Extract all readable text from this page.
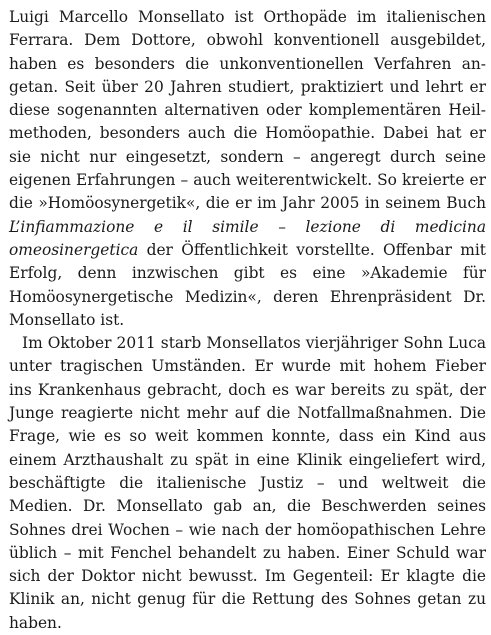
Luigi Marcello Monsellato ist Orthopäde im italienischen Ferrara. Dem Dottore, obwohl konventionell ausgebildet, haben es besonders die unkonventionellen Verfahren angetan. Seit über 20 Jahren studiert, praktiziert und lehrt er diese sogenannten alternativen oder komplementären Heilmethoden, besonders auch die Homöopathie. Dabei hat er sie nicht nur eingesetzt, sondern – angeregt durch seine eigenen Erfahrungen – auch weiterentwickelt. So kreierte er die »Homöosynergetik«, die er im Jahr 2005 in seinem Buch L’infiammazione e il simile – lezione di medicina omeosinergetica der Öffentlichkeit vorstellte. Offenbar mit Erfolg, denn inzwischen gibt es eine »Akademie für Homöosynergetische Medizin«, deren Ehrenpräsident Dr. Monsellato ist.

Im Oktober 2011 starb Monsellatos vierjähriger Sohn Luca unter tragischen Umständen. Er wurde mit hohem Fieber ins Krankenhaus gebracht, doch es war bereits zu spät, der Junge reagierte nicht mehr auf die Notfallmaßnahmen. Die Frage, wie es so weit kommen konnte, dass ein Kind aus einem Arzthaushalt zu spät in eine Klinik eingeliefert wird, beschäftigte die italienische Justiz – und weltweit die Medien. Dr. Monsellato gab an, die Beschwerden seines Sohnes drei Wochen – wie nach der homöopathischen Lehre üblich – mit Fenchel behandelt zu haben. Einer Schuld war sich der Doktor nicht bewusst. Im Gegenteil: Er klagte die Klinik an, nicht genug für die Rettung des Sohnes getan zu haben.
